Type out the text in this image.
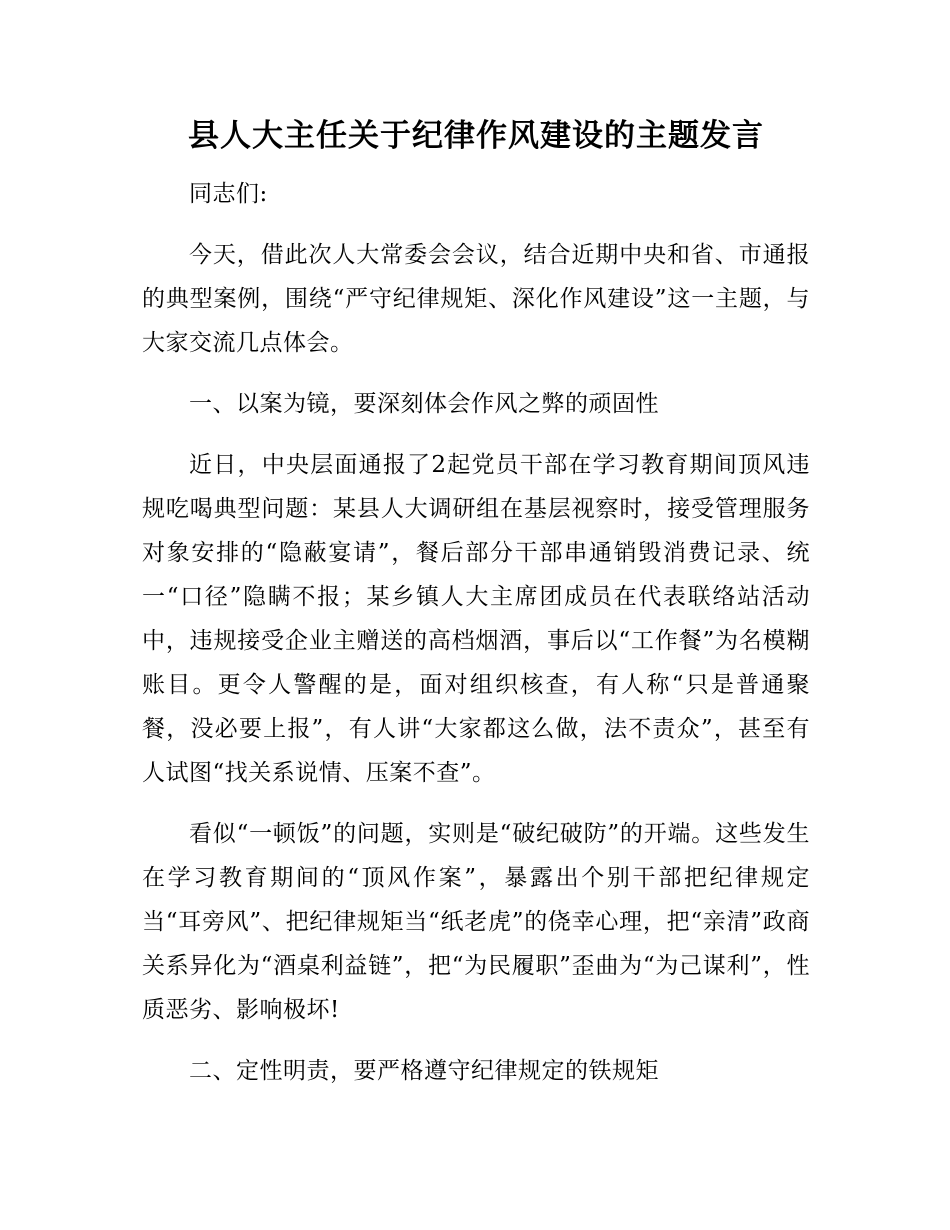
县人大主任关于纪律作风建设的主题发言

同志们:

今天，借此次人大常委会会议，结合近期中央和省、市通报的典型案例，围绕“严守纪律规矩、深化作风建设”这一主题，与大家交流几点体会。

一、以案为镜，要深刻体会作风之弊的顽固性

近日，中央层面通报了2起党员干部在学习教育期间顶风违规吃喝典型问题：某县人大调研组在基层视察时，接受管理服务对象安排的“隐蔽宴请”，餐后部分干部串通销毁消费记录、统一“口径”隐瞒不报；某乡镇人大主席团成员在代表联络站活动中，违规接受企业主赠送的高档烟酒，事后以“工作餐”为名模糊账目。更令人警醒的是，面对组织核查，有人称“只是普通聚餐，没必要上报”，有人讲“大家都这么做，法不责众”，甚至有人试图“找关系说情、压案不查”。

看似“一顿饭”的问题，实则是“破纪破防”的开端。这些发生在学习教育期间的“顶风作案”，暴露出个别干部把纪律规定当“耳旁风”、把纪律规矩当“纸老虎”的侥幸心理，把“亲清”政商关系异化为“酒桌利益链”，把“为民履职”歪曲为“为己谋利”，性质恶劣、影响极坏!

二、定性明责，要严格遵守纪律规定的铁规矩
